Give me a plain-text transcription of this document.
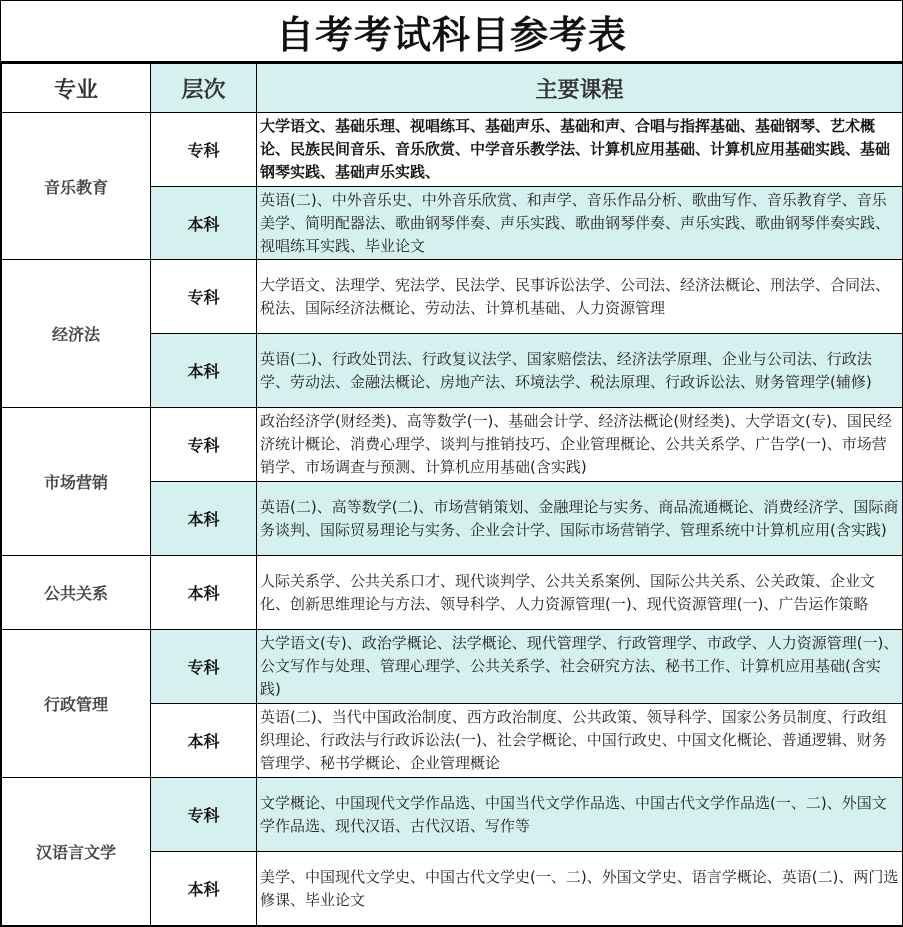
自考考试科目参考表
专业	层次	主要课程
音乐教育	专科	大学语文、基础乐理、视唱练耳、基础声乐、基础和声、合唱与指挥基础、基础钢琴、艺术概论、民族民间音乐、音乐欣赏、中学音乐教学法、计算机应用基础、计算机应用基础实践、基础钢琴实践、基础声乐实践、
	本科	英语(二)、中外音乐史、中外音乐欣赏、和声学、音乐作品分析、歌曲写作、音乐教育学、音乐美学、简明配器法、歌曲钢琴伴奏、声乐实践、歌曲钢琴伴奏、声乐实践、歌曲钢琴伴奏实践、视唱练耳实践、毕业论文
经济法	专科	大学语文、法理学、宪法学、民法学、民事诉讼法学、公司法、经济法概论、刑法学、合同法、税法、国际经济法概论、劳动法、计算机基础、人力资源管理
	本科	英语(二)、行政处罚法、行政复议法学、国家赔偿法、经济法学原理、企业与公司法、行政法学、劳动法、金融法概论、房地产法、环境法学、税法原理、行政诉讼法、财务管理学(辅修)
市场营销	专科	政治经济学(财经类)、高等数学(一)、基础会计学、经济法概论(财经类)、大学语文(专)、国民经济统计概论、消费心理学、谈判与推销技巧、企业管理概论、公共关系学、广告学(一)、市场营销学、市场调查与预测、计算机应用基础(含实践)
	本科	英语(二)、高等数学(二)、市场营销策划、金融理论与实务、商品流通概论、消费经济学、国际商务谈判、国际贸易理论与实务、企业会计学、国际市场营销学、管理系统中计算机应用(含实践)
公共关系	本科	人际关系学、公共关系口才、现代谈判学、公共关系案例、国际公共关系、公关政策、企业文化、创新思维理论与方法、领导科学、人力资源管理(一)、现代资源管理(一)、广告运作策略
行政管理	专科	大学语文(专)、政治学概论、法学概论、现代管理学、行政管理学、市政学、人力资源管理(一)、公文写作与处理、管理心理学、公共关系学、社会研究方法、秘书工作、计算机应用基础(含实践)
	本科	英语(二)、当代中国政治制度、西方政治制度、公共政策、领导科学、国家公务员制度、行政组织理论、行政法与行政诉讼法(一)、社会学概论、中国行政史、中国文化概论、普通逻辑、财务管理学、秘书学概论、企业管理概论
汉语言文学	专科	文学概论、中国现代文学作品选、中国当代文学作品选、中国古代文学作品选(一、二)、外国文学作品选、现代汉语、古代汉语、写作等
	本科	美学、中国现代文学史、中国古代文学史(一、二)、外国文学史、语言学概论、英语(二)、两门选修课、毕业论文
